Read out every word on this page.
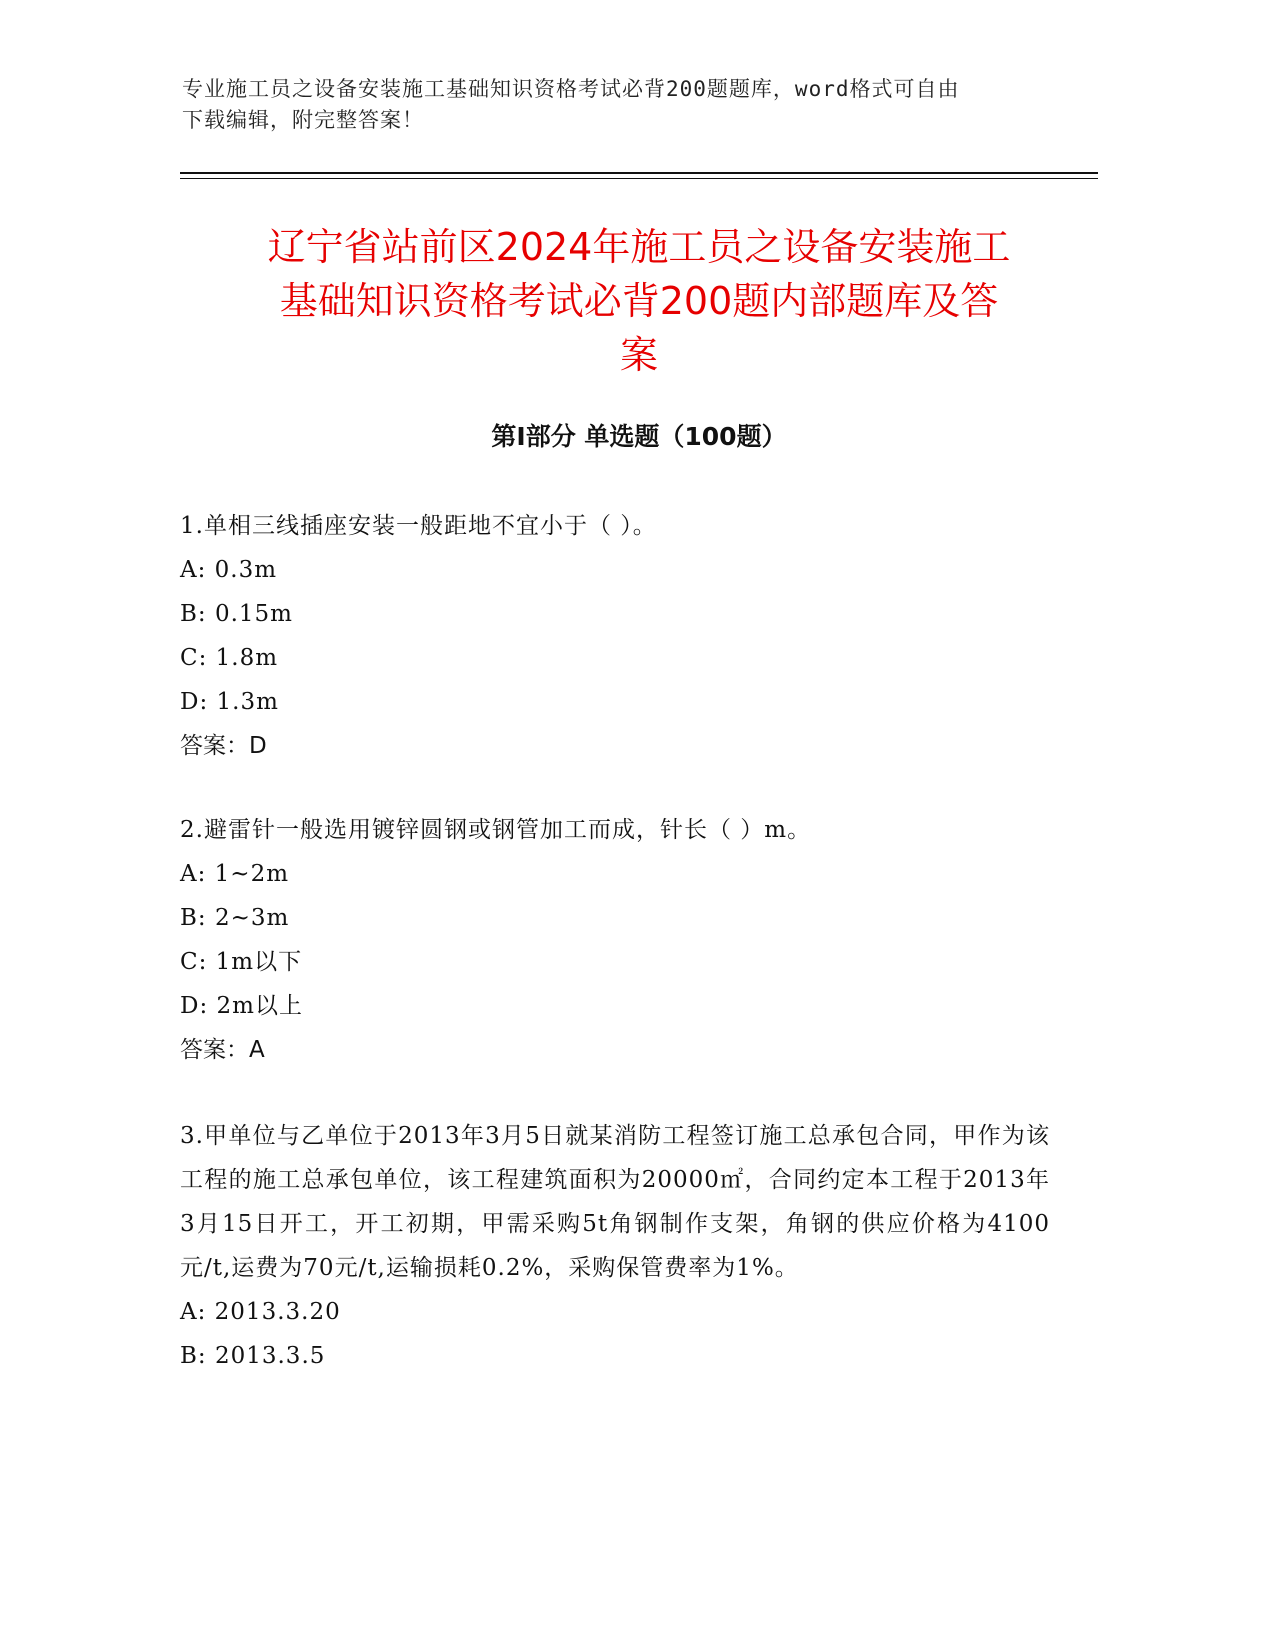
专业施工员之设备安装施工基础知识资格考试必背200题题库，word格式可自由
下载编辑，附完整答案！
辽宁省站前区2024年施工员之设备安装施工
基础知识资格考试必背200题内部题库及答
案
第Ⅰ部分 单选题（100题）
1.单相三线插座安装一般距地不宜小于（ ）。
A: 0.3m
B: 0.15m
C: 1.8m
D: 1.3m
答案：D
2.避雷针一般选用镀锌圆钢或钢管加工而成，针长（ ）m。
A: 1~2m
B: 2~3m
C: 1m以下
D: 2m以上
答案：A
3.甲单位与乙单位于2013年3月5日就某消防工程签订施工总承包合同，甲作为该工程的施工总承包单位，该工程建筑面积为20000㎡，合同约定本工程于2013年3月15日开工，开工初期，甲需采购5t角钢制作支架，角钢的供应价格为4100元/t,运费为70元/t,运输损耗0.2%，采购保管费率为1%。
A: 2013.3.20
B: 2013.3.5
